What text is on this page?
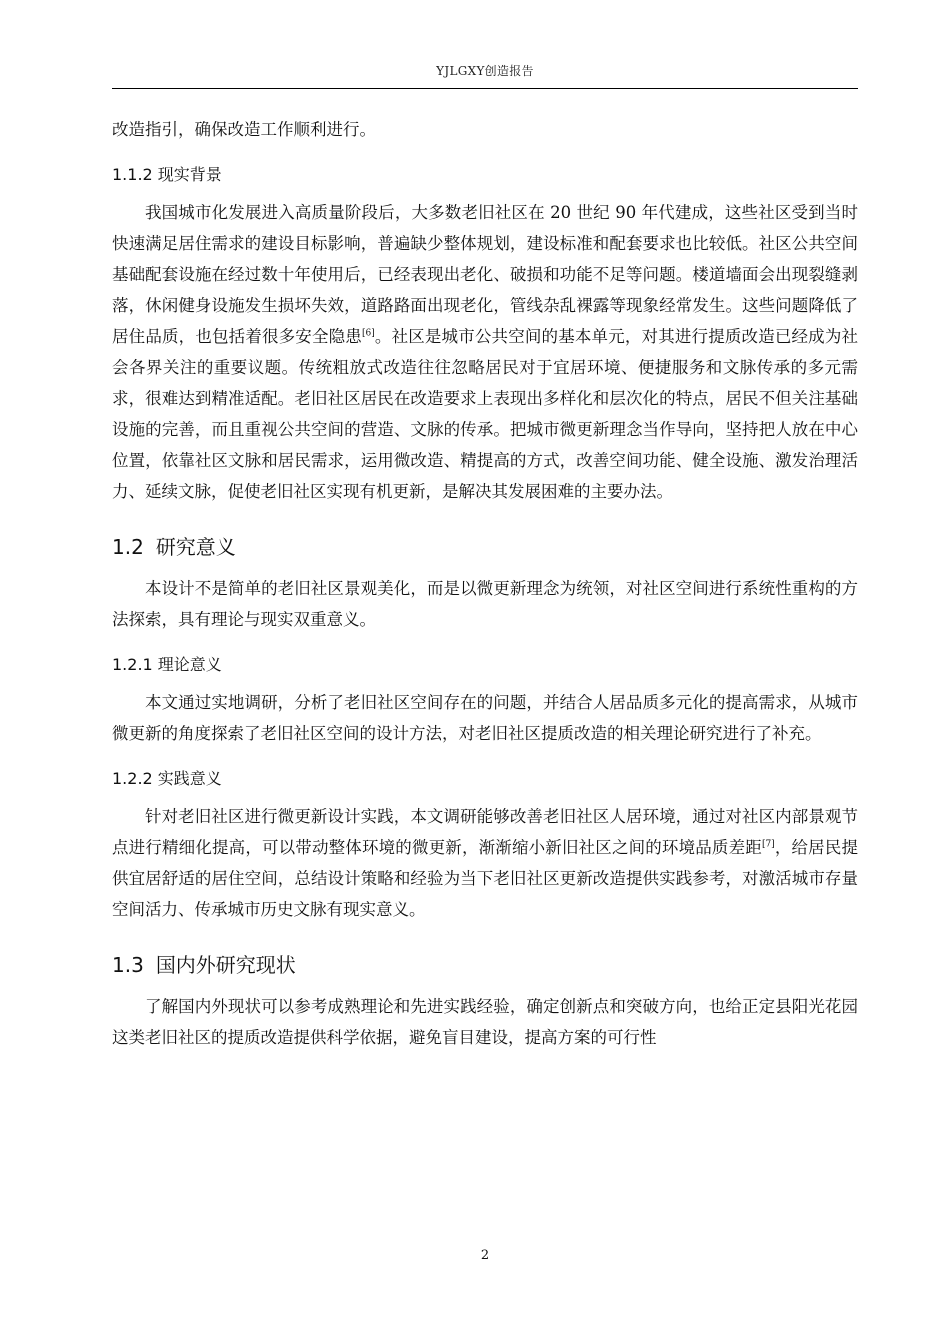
YJLGXY创造报告

改造指引，确保改造工作顺利进行。

1.1.2 现实背景

我国城市化发展进入高质量阶段后，大多数老旧社区在 20 世纪 90 年代建成，这些社区受到当时快速满足居住需求的建设目标影响，普遍缺少整体规划，建设标准和配套要求也比较低。社区公共空间基础配套设施在经过数十年使用后，已经表现出老化、破损和功能不足等问题。楼道墙面会出现裂缝剥落，休闲健身设施发生损坏失效，道路路面出现老化，管线杂乱裸露等现象经常发生。这些问题降低了居住品质，也包括着很多安全隐患[6]。社区是城市公共空间的基本单元，对其进行提质改造已经成为社会各界关注的重要议题。传统粗放式改造往往忽略居民对于宜居环境、便捷服务和文脉传承的多元需求，很难达到精准适配。老旧社区居民在改造要求上表现出多样化和层次化的特点，居民不但关注基础设施的完善，而且重视公共空间的营造、文脉的传承。把城市微更新理念当作导向，坚持把人放在中心位置，依靠社区文脉和居民需求，运用微改造、精提高的方式，改善空间功能、健全设施、激发治理活力、延续文脉，促使老旧社区实现有机更新，是解决其发展困难的主要办法。

1.2 研究意义

本设计不是简单的老旧社区景观美化，而是以微更新理念为统领，对社区空间进行系统性重构的方法探索，具有理论与现实双重意义。

1.2.1 理论意义

本文通过实地调研，分析了老旧社区空间存在的问题，并结合人居品质多元化的提高需求，从城市微更新的角度探索了老旧社区空间的设计方法，对老旧社区提质改造的相关理论研究进行了补充。

1.2.2 实践意义

针对老旧社区进行微更新设计实践，本文调研能够改善老旧社区人居环境，通过对社区内部景观节点进行精细化提高，可以带动整体环境的微更新，渐渐缩小新旧社区之间的环境品质差距[7]，给居民提供宜居舒适的居住空间，总结设计策略和经验为当下老旧社区更新改造提供实践参考，对激活城市存量空间活力、传承城市历史文脉有现实意义。

1.3 国内外研究现状

了解国内外现状可以参考成熟理论和先进实践经验，确定创新点和突破方向，也给正定县阳光花园这类老旧社区的提质改造提供科学依据，避免盲目建设，提高方案的可行性

2
